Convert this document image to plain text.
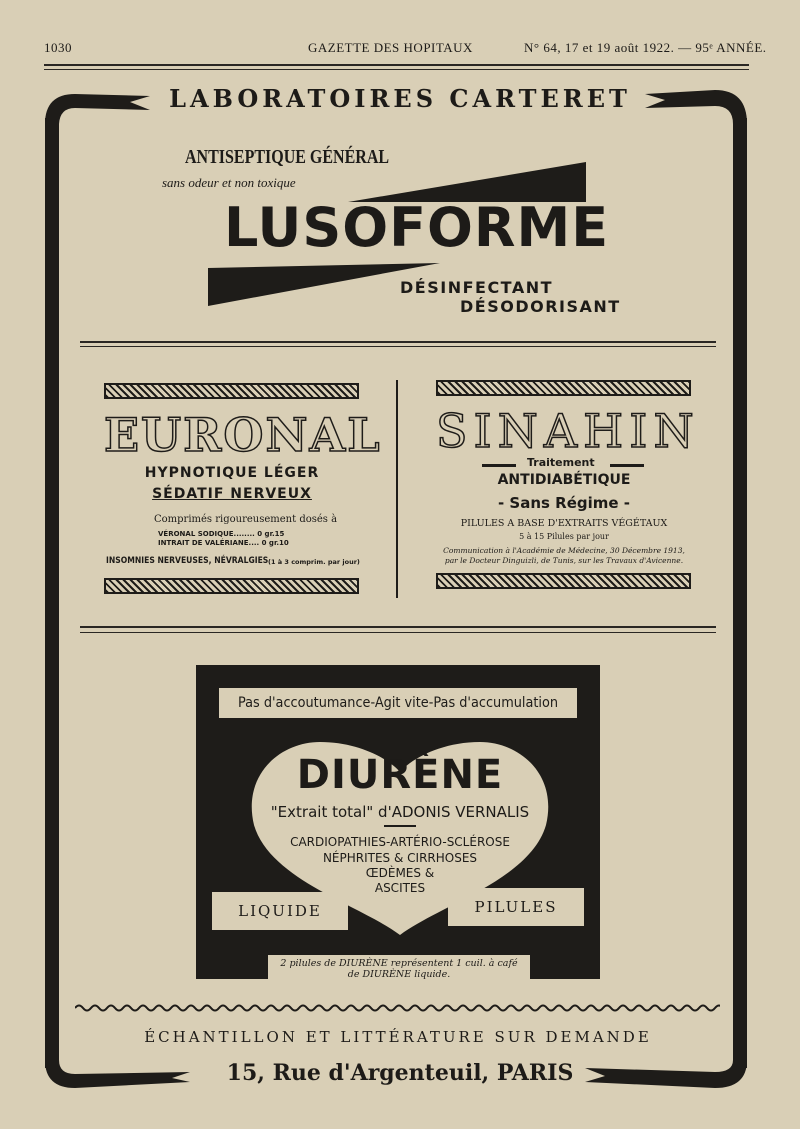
1030	GAZETTE DES HOPITAUX	N° 64, 17 et 19 août 1922. — 95ᵉ ANNÉE.
LABORATOIRES CARTERET
ANTISEPTIQUE GÉNÉRAL
sans odeur et non toxique
LUSOFORME
DÉSINFECTANT
DÉSODORISANT
EURONAL
HYPNOTIQUE LÉGER
SÉDATIF NERVEUX
Comprimés rigoureusement dosés à
VÉRONAL SODIQUE........ 0 gr.15
INTRAIT DE VALÉRIANE.... 0 gr.10
INSOMNIES NERVEUSES, NÉVRALGIES (1 à 3 comprim. par jour)
SINAHIN
Traitement
ANTIDIABÉTIQUE
- Sans Régime -
PILULES A BASE D'EXTRAITS VÉGÉTAUX
5 à 15 Pilules par jour
Communication à l'Académie de Médecine, 30 Décembre 1913,
par le Docteur Dinguizli, de Tunis, sur les Travaux d'Avicenne.
Pas d'accoutumance-Agit vite-Pas d'accumulation
DIURÈNE
"Extrait total" d'ADONIS VERNALIS
CARDIOPATHIES-ARTÉRIO-SCLÉROSE
NÉPHRITES & CIRRHOSES
ŒDÈMES &
ASCITES
LIQUIDE	PILULES
2 pilules de DIURÈNE représentent 1 cuil. à café
de DIURÈNE liquide.
ÉCHANTILLON ET LITTÉRATURE SUR DEMANDE
15, Rue d'Argenteuil, PARIS
